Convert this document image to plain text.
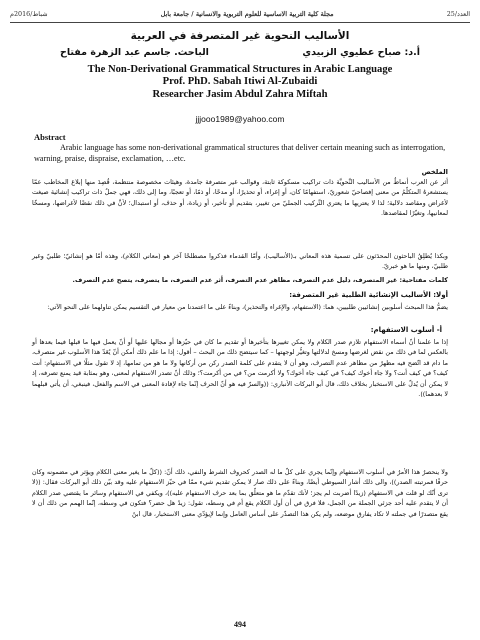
العدد/25
مجلة كلية التربية الاساسية للعلوم التربوية والانسانية / جامعة بابل
شباط/2016م
الأساليب النحوية غير المتصرفة في العربية
أ.د: صباح عطيوي الزبيدي
الباحث. جاسم عبد الزهرة مفتاح
The Non-Derivational Grammatical Structures in Arabic Language
Prof. PhD. Sabah Itiwi Al-Zubaidi
Researcher Jasim Abdul Zahra Miftah
jjjooo1989@yahoo.com
Abstract
Arabic language has some non-derivational grammatical structures that deliver certain meaning such as interrogation, warning, praise, dispraise, exclamation, …etc.
الملخص
أثر عن العرب أنماطٌ من الأساليب النَّحويَّة ذات تراكيب مسكوكة ثابتة، وقوالب غير متصرفة جامدة، وهيئات مخصوصة منتظمة، قُصِدَ منها إبلاغ المخاطب عمّا يستشعرهُ المتكلّمُ من معنى إفصاحيّ شعوريّ، استفهامًا كان، أو إغراء، أو تحذيرًا، أو مدحًا، أو ذمًا، أو تعجبًا، وما إلى ذلك، فهي جملٌ ذات تراكيب إنشائية صيغت لأغراض ومقاصد دلالية؛ لذا لا يعتريها ما يعتري التَّركيب الجمليّ من تغيير، بتقديم أو تأخير، أو زيادة، أو حذف، أو استبدال؛ لأنَّ في ذلك نقضًا لأغراضها، ومسخًا لمعانيها، وتغيّرًا لمقاصدها.
وبكذا يُطلِقُ الباحثون المحدَثون على تسمية هذه المعاني بـ(الأساليب)، وأمّا القدماء فذكروا مصطلحًا آخر هو (معاني الكلام)، وهذه أمّا هو إنشائيّ؛ طلبيّ وغير طلبيّ، ومنها ما هو خبريّ.
كلمات مفتاحية: غير المتصرف، دليل عدم التصرف، مظاهر عدم التصرف، أثر عدم التصرف، ما يتصرف، يتصح عدم التصرف.
أولا: الأساليب الإنشائية الطلبية غير المتصرفة:
يضمُّ هذا المبحث أسلوبين إنشائيين طلبيين، هما: (الاستفهام، والإغراء والتحذير)، وبناءً على ما اعتمدنا من معيار في التقسيم يمكن تناولهما على النحو الآتي:
أ- أسلوب الاستفهام:
إذا ما علمنا أنّ أسماء الاستفهام تلازم صدر الكلام ولا يمكن تغييرها بتأخيرها أو تقديم ما كان في حيّزها أو مجالها عليها أو أنّ يعمل فيها ما قبلها فيما بعدها أو بالعكس لما في ذلك من نقض لغرضها ومسخ لدلالتها وتغيُّر لوجهتها – كما سيتضح ذلك من البحث – أقول: إذا ما علم ذلك أمكن أنّ يُعَدّ هذا الأسلوب غير متصرف، ما دام قد اتّضح فيه مظهرٌ من مظاهر عدم التصرف، وهو أن لا يتقدم على كلمة الصدر ركن من أركانها ولا ما هو من تمامها، إذ لا تقول مثلًا في الاستفهام: أنت كيف؟ في كيف أنت؟ ولا جاء أخوك كيف؟ في كيف جاء أخوك؟ ولا أكرمت من؟ في من أكرمت؟؛ وذلك أنّ تصدر الاستفهام لمعنى، وهو بمثابة قيد يمنع تصرفه، إذ لا يمكن أن يُدلّ على الاستخبار بخلاف ذلك، قال أبو البركات الأنباري: ((والسرّ فيه هو أنّ الحرف إنّما جاء لإفادة المعنى في الاسم والفعل، فينبغي، أن يأتي قبلهما لا بعدهما)).
ولا ينحصرُ هذا الأمرُ في أسلوب الاستفهام وإنّما يجري على كلّ ما له الصدر كحروف الشرط والنفي، ذلك أنّ: ((كلّ ما يغير معنى الكلام ويؤثر في مضمونه وكان حرفًا فمرتبته الصدر))، والى ذلك أشار السيوطي أيضًا، وبناءً على ذلك صار لا يمكن تقديم شيء ممّا في حيّز الاستفهام عليه وقد بيّن ذلك أبو البركات فقال: ((لا ترى أنّك لو قلت في الاستفهام (زيدًا أضربت لم يجز؛ لأنك تقدّم ما هو متعلّق بما بعد حرف الاستفهام عليه))، ويكفي في الاستفهام وسائر ما يقتضي صدر الكلام أن لا يتقدم عليه أحد جزئي الجملة من الجمل، فلا فرق في أن أول الكلام يقع أم في وسطه، تقول: زيدٌ هل حضر؟ فتكون في وسطه، إنّما الهمم من ذلك أن لا يقع متصدرًا في جملته لا تكاد يفارق موضعه، ولم يكن هذا التصدّر على أساس العامل وإنما لإيؤدّي معنى الاستخبار، قال ابنُ
494
